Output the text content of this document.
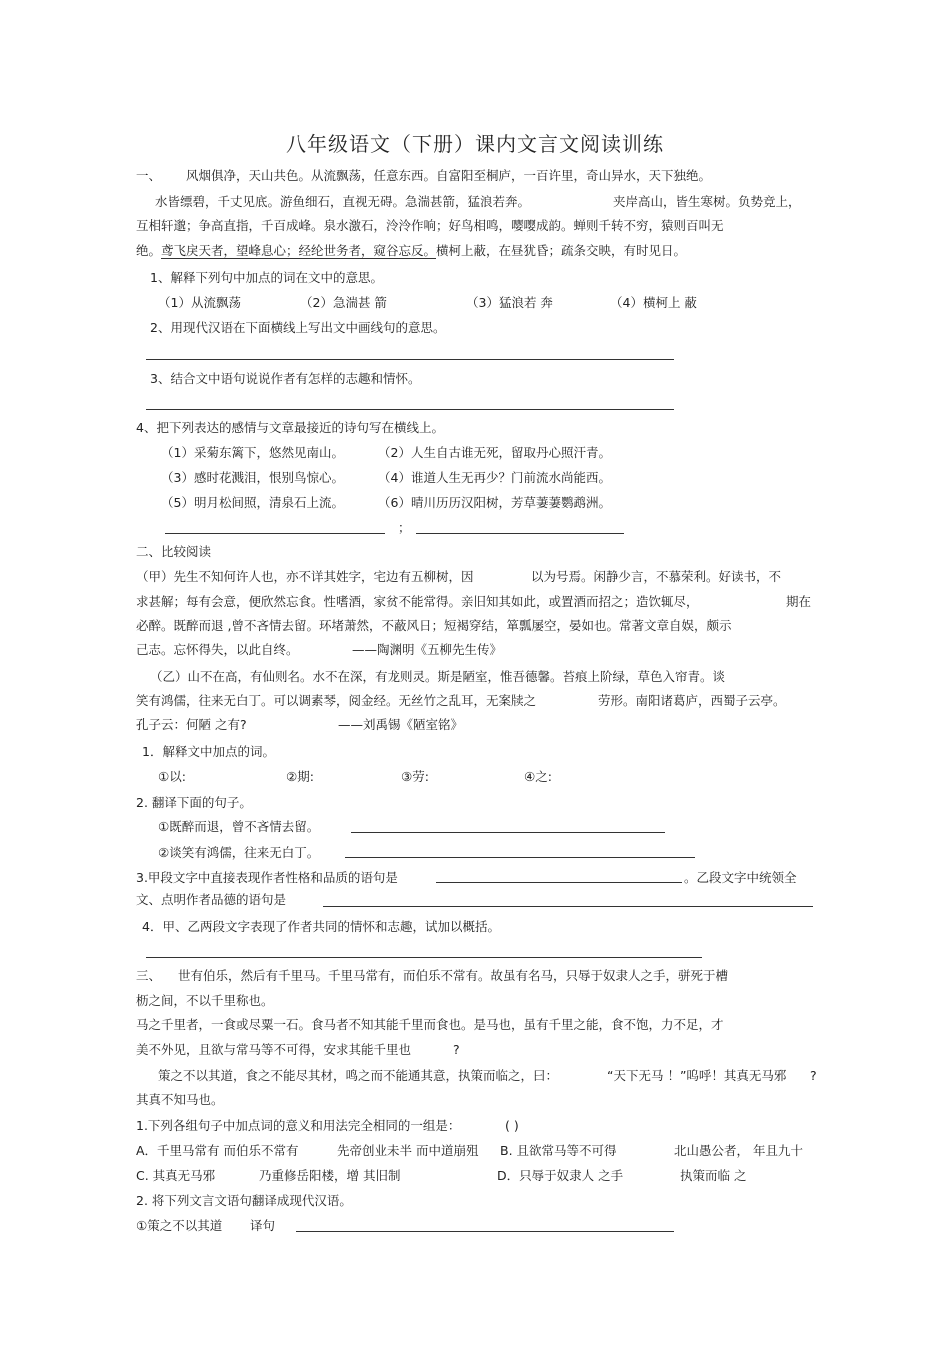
八年级语文（下册）课内文言文阅读训练
一、 风烟俱净，天山共色。从流飘荡，任意东西。自富阳至桐庐，一百许里，奇山异水，天下独绝。
水皆缥碧，千丈见底。游鱼细石，直视无碍。急湍甚箭，猛浪若奔。	夹岸高山，皆生寒树。负势竞上，
互相轩邈；争高直指，千百成峰。泉水激石，泠泠作响；好鸟相鸣，嘤嘤成韵。蝉则千转不穷，猿则百叫无
绝。鸢飞戾天者，望峰息心；经纶世务者，窥谷忘反。横柯上蔽，在昼犹昏；疏条交映，有时见日。
1、解释下列句中加点的词在文中的意思。
（1）从流飘荡	（2）急湍甚 箭	（3）猛浪若 奔	（4）横柯上 蔽
2、用现代汉语在下面横线上写出文中画线句的意思。
3、结合文中语句说说作者有怎样的志趣和情怀。
4、把下列表达的感情与文章最接近的诗句写在横线上。
（1）采菊东篱下，悠然见南山。	（2）人生自古谁无死，留取丹心照汗青。
（3）感时花溅泪，恨别鸟惊心。	（4）谁道人生无再少？门前流水尚能西。
（5）明月松间照，清泉石上流。	（6）晴川历历汉阳树，芳草萋萋鹦鹉洲。
；
二、比较阅读
（甲）先生不知何许人也，亦不详其姓字，宅边有五柳树，因	以为号焉。闲静少言，不慕荣利。好读书，不
求甚解；每有会意，便欣然忘食。性嗜酒，家贫不能常得。亲旧知其如此，或置酒而招之；造饮辄尽，	期在
必醉。既醉而退 ,曾不吝情去留。环堵萧然，不蔽风日；短褐穿结，箪瓢屡空，晏如也。常著文章自娱，颇示
己志。忘怀得失，以此自终。	——陶渊明《五柳先生传》
（乙）山不在高，有仙则名。水不在深，有龙则灵。斯是陋室，惟吾德馨。苔痕上阶绿，草色入帘青。谈
笑有鸿儒，往来无白丁。可以调素琴，阅金经。无丝竹之乱耳，无案牍之	劳形。南阳诸葛庐，西蜀子云亭。
孔子云：何陋 之有?	——刘禹锡《陋室铭》
1．解释文中加点的词。
①以:	②期:	③劳:	④之:
2. 翻译下面的句子。
①既醉而退，曾不吝情去留。
②谈笑有鸿儒，往来无白丁。
3.甲段文字中直接表现作者性格和品质的语句是	。乙段文字中统领全
文、点明作者品德的语句是
4．甲、乙两段文字表现了作者共同的情怀和志趣，试加以概括。
三、 世有伯乐，然后有千里马。千里马常有，而伯乐不常有。故虽有名马，只辱于奴隶人之手，骈死于槽
枥之间，不以千里称也。
马之千里者，一食或尽粟一石。食马者不知其能千里而食也。是马也，虽有千里之能，食不饱，力不足，才
美不外见，且欲与常马等不可得，安求其能千里也	?
策之不以其道，食之不能尽其材，鸣之而不能通其意，执策而临之，曰：	“天下无马 ！”呜呼！其真无马邪 ?
其真不知马也。
1.下列各组句子中加点词的意义和用法完全相同的一组是：	( )
A．千里马常有 而伯乐不常有	先帝创业未半 而中道崩殂 B. 且欲常马等不可得	北山愚公者， 年且九十
C. 其真无马邪	乃重修岳阳楼，增 其旧制	D．只辱于奴隶人 之手	执策而临 之
2. 将下列文言文语句翻译成现代汉语。
①策之不以其道 译句
